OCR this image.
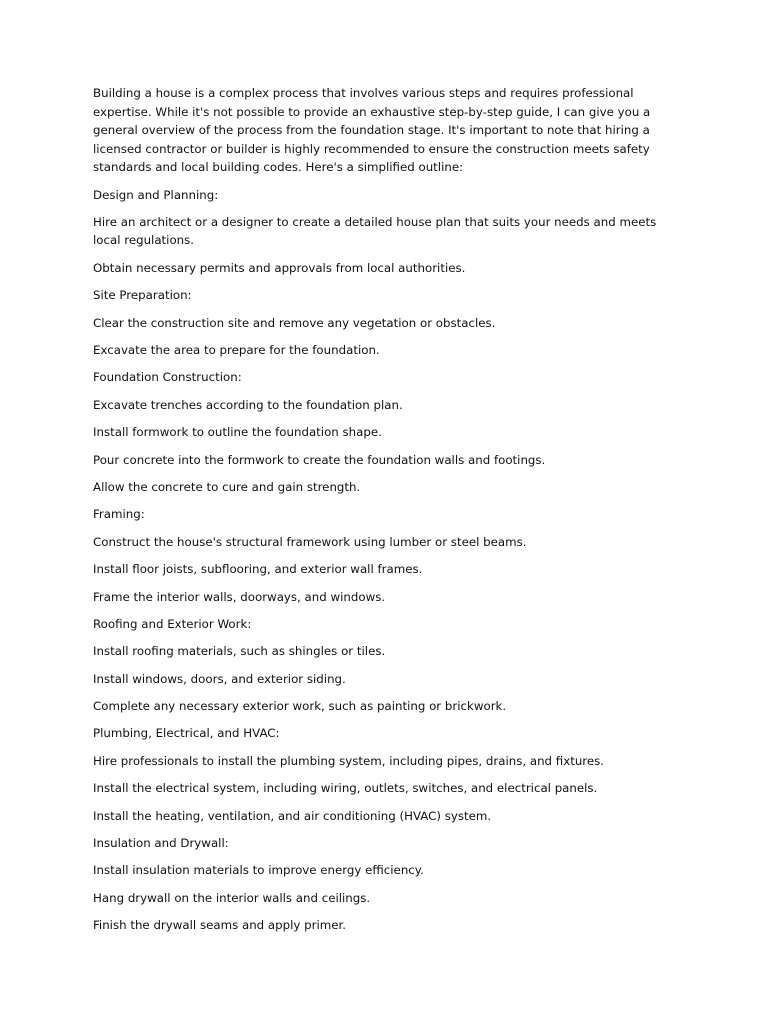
Building a house is a complex process that involves various steps and requires professional expertise. While it's not possible to provide an exhaustive step-by-step guide, I can give you a general overview of the process from the foundation stage. It's important to note that hiring a licensed contractor or builder is highly recommended to ensure the construction meets safety standards and local building codes. Here's a simplified outline:

Design and Planning:

Hire an architect or a designer to create a detailed house plan that suits your needs and meets local regulations.

Obtain necessary permits and approvals from local authorities.

Site Preparation:

Clear the construction site and remove any vegetation or obstacles.

Excavate the area to prepare for the foundation.

Foundation Construction:

Excavate trenches according to the foundation plan.

Install formwork to outline the foundation shape.

Pour concrete into the formwork to create the foundation walls and footings.

Allow the concrete to cure and gain strength.

Framing:

Construct the house's structural framework using lumber or steel beams.

Install floor joists, subflooring, and exterior wall frames.

Frame the interior walls, doorways, and windows.

Roofing and Exterior Work:

Install roofing materials, such as shingles or tiles.

Install windows, doors, and exterior siding.

Complete any necessary exterior work, such as painting or brickwork.

Plumbing, Electrical, and HVAC:

Hire professionals to install the plumbing system, including pipes, drains, and fixtures.

Install the electrical system, including wiring, outlets, switches, and electrical panels.

Install the heating, ventilation, and air conditioning (HVAC) system.

Insulation and Drywall:

Install insulation materials to improve energy efficiency.

Hang drywall on the interior walls and ceilings.

Finish the drywall seams and apply primer.
